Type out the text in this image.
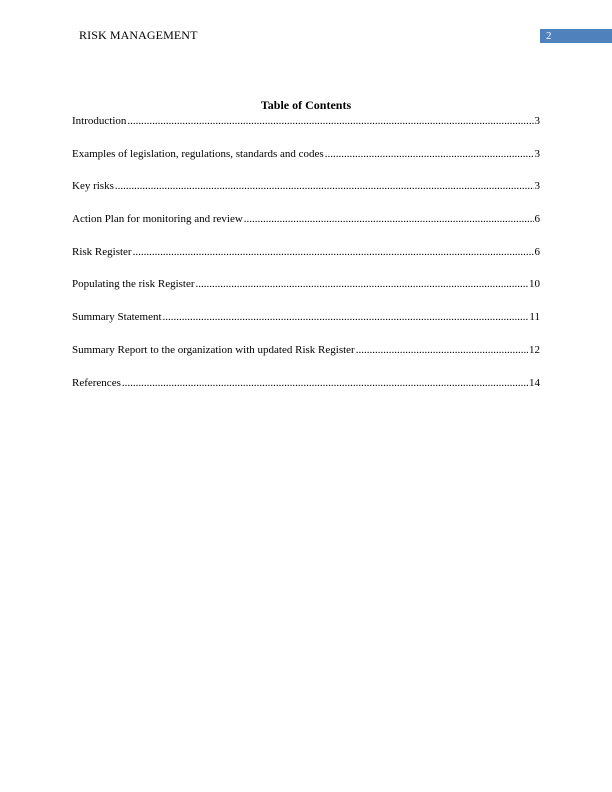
RISK MANAGEMENT	2
Table of Contents
Introduction .....	3
Examples of legislation, regulations, standards and codes .....	3
Key risks .....	3
Action Plan for monitoring and review .....	6
Risk Register .....	6
Populating the risk Register .....	10
Summary Statement .....	11
Summary Report to the organization with updated Risk Register .....	12
References .....	14
